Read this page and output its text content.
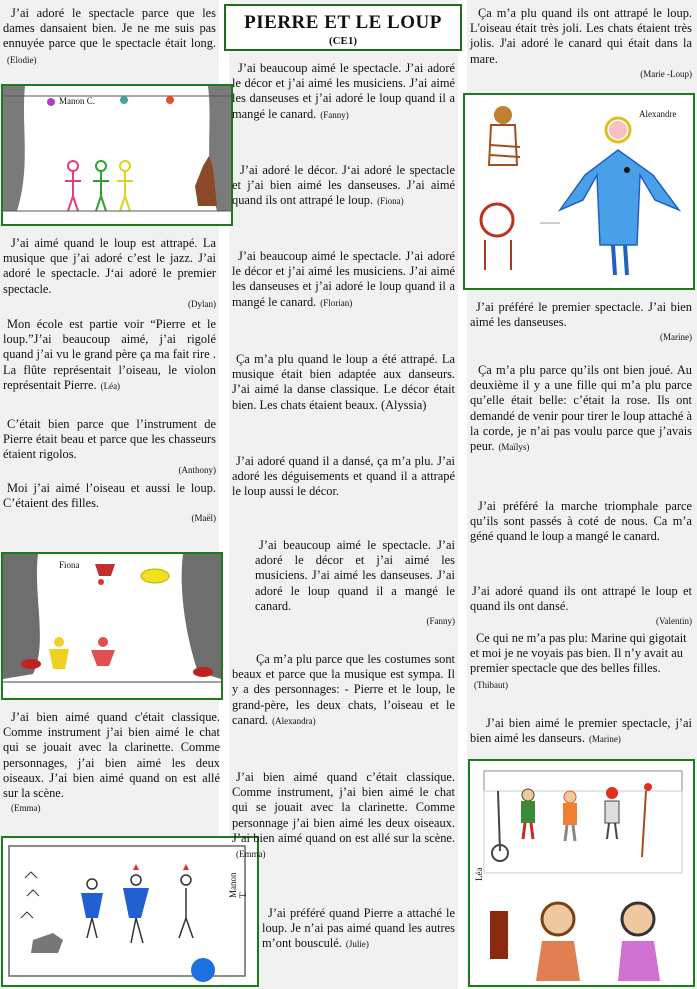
PIERRE ET LE LOUP
(CE1)
J’ai adoré le spectacle parce que les dames dansaient bien. Je ne me suis pas ennuyée parce que le spectacle était long.(Elodie)
Manon C.
J’ai aimé quand le loup est attrapé. La musique que j’ai adoré c’est le jazz. J’ai adoré le spectacle. J‘ai adoré le premier spectacle.
(Dylan)
Mon école est partie voir “Pierre et le loup.”J’ai beaucoup aimé, j’ai rigolé quand j’ai vu le grand père ça ma fait rire . La flûte représentait l’oiseau, le violon représentait Pierre. (Léa)
C’était bien parce que l’instrument de Pierre était beau et parce que les chasseurs étaient rigolos.
(Anthony)
Moi j’ai aimé l’oiseau et aussi le loup. C’étaient des filles.
(Maël)
Fiona
J’ai bien aimé quand c'était classique. Comme instrument j’ai bien aimé le chat qui se jouait avec la clarinette. Comme personnages, j’ai bien aimé les deux oiseaux. J’ai bien aimé quand on est allé sur la scène.
(Emma)
Manon T.
J’ai beaucoup aimé le spectacle. J’ai adoré le décor et j’ai aimé les musiciens. J’ai aimé les danseuses et j’ai adoré le loup quand il a mangé le canard. (Fanny)
J’ai adoré le décor. J‘ai adoré le spectacle et j’ai bien aimé les danseuses. J’ai aimé quand ils ont attrapé le loup. (Fiona)
J’ai beaucoup aimé le spectacle. J’ai adoré le décor et j’ai aimé les musiciens. J’ai aimé les danseuses et j’ai adoré le loup quand il a mangé le canard. (Florian)
Ça m’a plu quand le loup a été attrapé. La musique était bien adaptée aux danseurs. J’ai aimé la danse classique. Le décor était bien. Les chats étaient beaux. (Alyssia)
J’ai adoré quand il a dansé, ça m’a plu. J’ai adoré les déguisements et quand il a attrapé le loup aussi le décor.
J’ai beaucoup aimé le spectacle. J’ai adoré le décor et j’ai aimé les musiciens. J’ai aimé les danseuses. J’ai adoré le loup quand il a mangé le canard.
(Fanny)
Ça m’a plu parce que les costumes sont beaux et parce que la musique est sympa. Il y a des personnages: - Pierre et le loup, le grand-père, les deux chats, l’oiseau et le canard. (Alexandra)
J’ai bien aimé quand c’était classique. Comme instrument, j’ai bien aimé le chat qui se jouait avec la clarinette. Comme personnage j’ai bien aimé les deux oiseaux. J’ai bien aimé quand on est allé sur la scène.(Emma)
J’ai préféré quand Pierre a attaché le loup. Je n’ai pas aimé quand les autres m’ont bousculé. (Julie)
Ça m’a plu quand ils ont attrapé le loup. L'oiseau était très joli. Les chats étaient très jolis. J'ai adoré le canard qui était dans la mare.
(Marie -Loup)
Alexandre
J’ai préféré le premier spectacle. J’ai bien aimé les danseuses.
(Marine)
Ça m’a plu parce qu’ils ont bien joué. Au deuxième il y a une fille qui m’a plu parce qu’elle était belle: c’était la rose. Ils ont demandé de venir pour tirer le loup attaché à la corde, je n’ai pas voulu parce que j’avais peur. (Maïlys)
J’ai préféré la marche triomphale parce qu’ils sont passés à coté de nous. Ca m’a géné quand le loup a mangé le canard.
J’ai adoré quand ils ont attrapé le loup et quand ils ont dansé.
(Valentin)
Ce qui ne m’a pas plu: Marine qui gigotait et moi je ne voyais pas bien. Il n’y avait au premier spectacle que des belles filles.(Thibaut)
J’ai bien aimé le premier spectacle, j’ai bien aimé les danseurs. (Marine)
Léa
